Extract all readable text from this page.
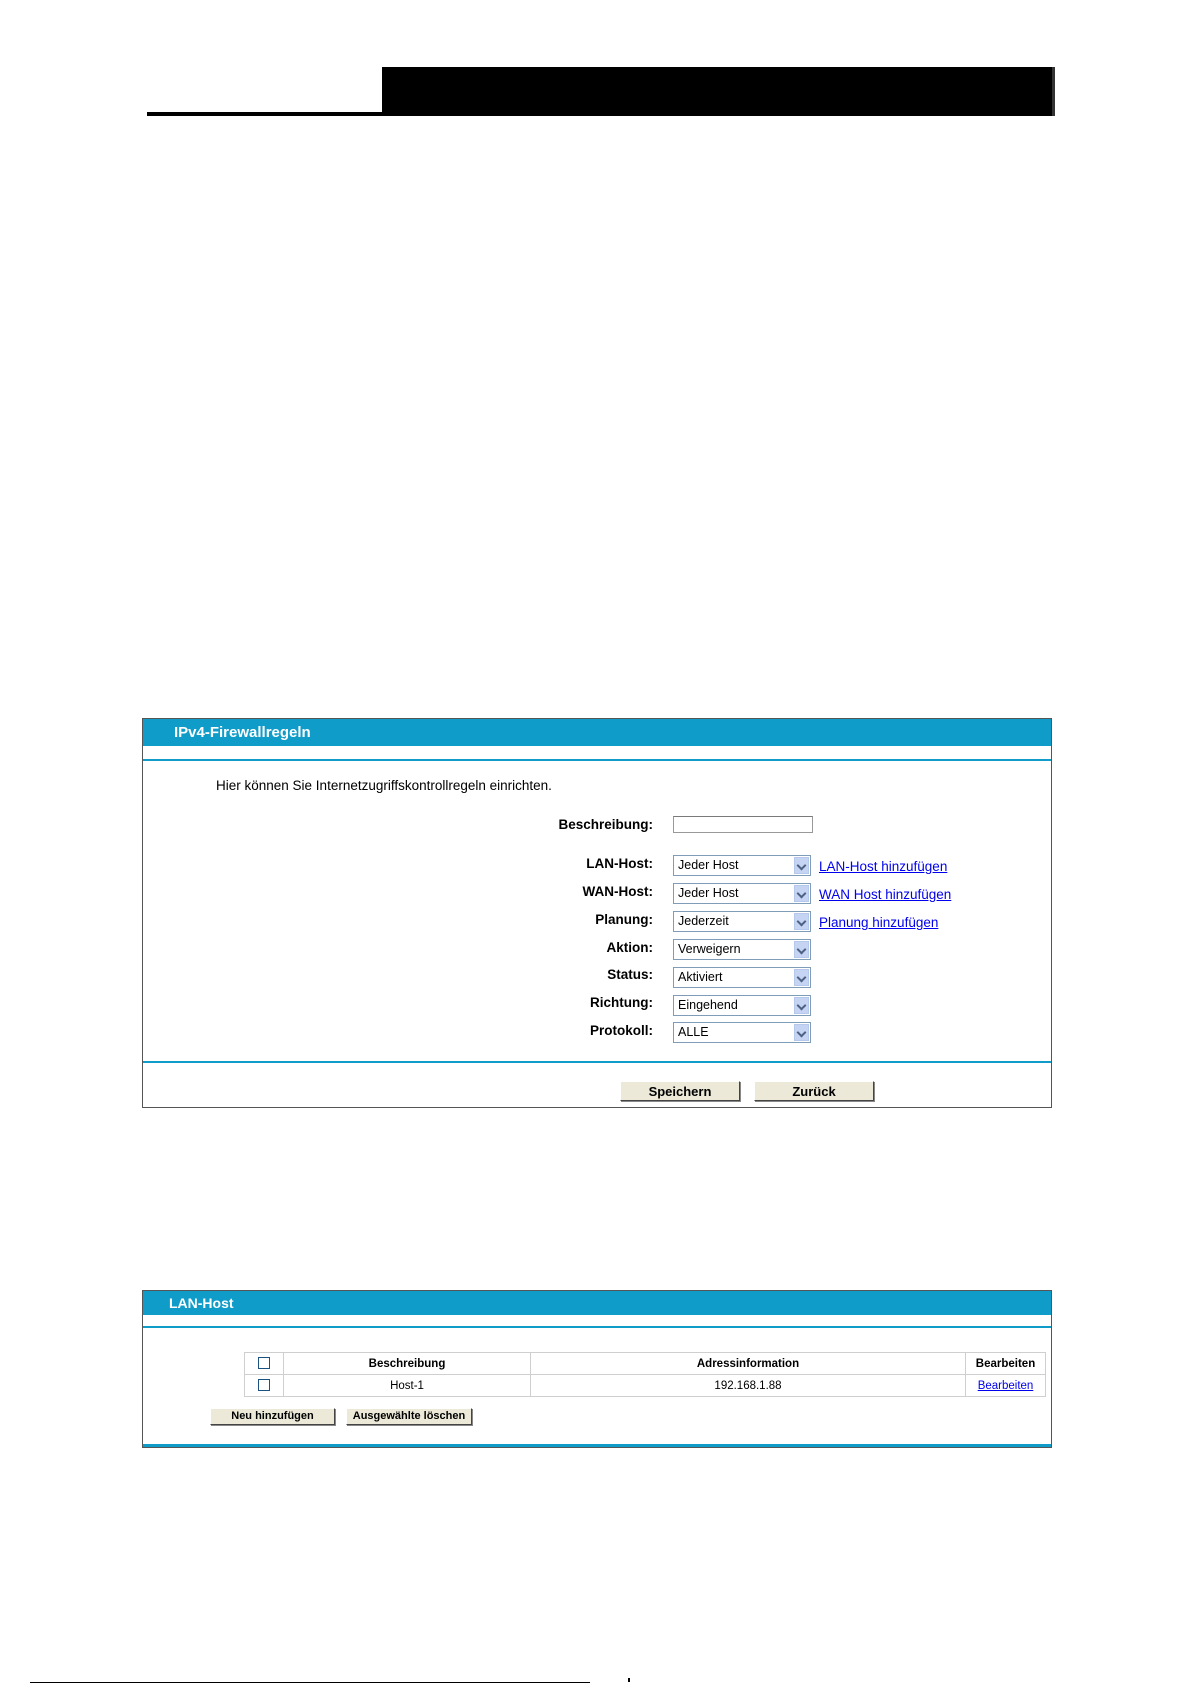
IPv4-Firewallregeln
Hier können Sie Internetzugriffskontrollregeln einrichten.
Beschreibung:
LAN-Host:	Jeder Host	LAN-Host hinzufügen
WAN-Host:	Jeder Host	WAN Host hinzufügen
Planung:	Jederzeit	Planung hinzufügen
Aktion:	Verweigern
Status:	Aktiviert
Richtung:	Eingehend
Protokoll:	ALLE
Speichern	Zurück
LAN-Host
	Beschreibung	Adressinformation	Bearbeiten
	Host-1	192.168.1.88	Bearbeiten
Neu hinzufügen	Ausgewählte löschen
